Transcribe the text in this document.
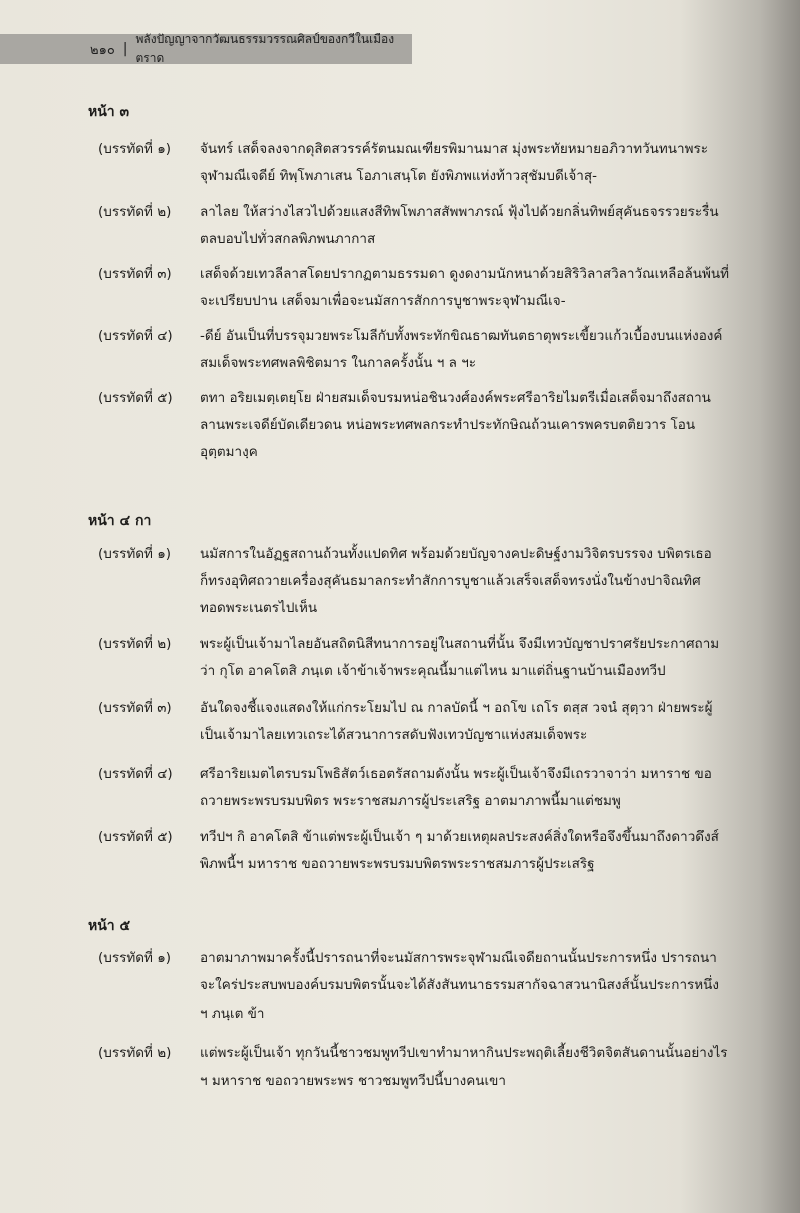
๒๑๐ |
พลังปัญญาจากวัฒนธรรมวรรณศิลป์ของกวีในเมืองตราด
หน้า ๓
(บรรทัดที่ ๑) จันทร์ เสด็จลงจากดุสิตสวรรค์รัตนมณเฑียรพิมานมาส มุ่งพระทัยหมายอภิวาทวันทนาพระ
จุฬามณีเจดีย์ ทิพฺโพภาเสน โอภาเสนฺโต ยังพิภพแห่งท้าวสุชัมบดีเจ้าสุ-
(บรรทัดที่ ๒) ลาไลย ให้สว่างไสวไปด้วยแสงสีทิพโพภาสสัพพาภรณ์ ฟุ้งไปด้วยกลิ่นทิพย์สุคันธจรรวยระรื่น
ตลบอบไปทั่วสกลพิภพนภากาส
(บรรทัดที่ ๓) เสด็จด้วยเทวลีลาสโดยปรากฏตามธรรมดา ดูงดงามนักหนาด้วยสิริวิลาสวิลาวัณเหลือล้นพ้นที่
จะเปรียบปาน เสด็จมาเพื่อจะนมัสการสักการบูชาพระจุฬามณีเจ-
(บรรทัดที่ ๔) -ดีย์ อันเป็นที่บรรจุมวยพระโมลีกับทั้งพระทักขิณธาฒทันตธาตุพระเขี้ยวแก้วเบื้องบนแห่งองค์
สมเด็จพระทศพลพิชิตมาร ในกาลครั้งนั้น ฯ ล ฯะ
(บรรทัดที่ ๕) ตทา อริยเมตฺเตยฺโย ฝ่ายสมเด็จบรมหน่อชินวงศ์องค์พระศรีอาริยไมตรีเมื่อเสด็จมาถึงสถาน
ลานพระเจดีย์บัดเดียวดน หน่อพระทศพลกระทำประทักษิณถ้วนเคารพครบตติยวาร โอน
อุตฺตมางฺค
หน้า ๔ กา
(บรรทัดที่ ๑) นมัสการในอัฏฐสถานถ้วนทั้งแปดทิศ พร้อมด้วยบัญจางคปะดิษฐ์งามวิจิตรบรรจง บพิตรเธอ
ก็ทรงอุทิศถวายเครื่องสุคันธมาลกระทำสักการบูชาแล้วเสร็จเสด็จทรงนั่งในข้างปาจิณทิศ
ทอดพระเนตรไปเห็น
(บรรทัดที่ ๒) พระผู้เป็นเจ้ามาไลยอันสถิตนิสีทนาการอยู่ในสถานที่นั้น จึงมีเทวบัญชาปราศรัยประกาศถาม
ว่า กุโต อาคโตสิ ภนฺเต เจ้าข้าเจ้าพระคุณนี้มาแต่ไหน มาแต่ถิ่นฐานบ้านเมืองทวีป
(บรรทัดที่ ๓) อันใดจงชี้แจงแสดงให้แก่กระโยมไป ณ กาลบัดนี้ ฯ อถโข เถโร ตสฺส วจนํ สุตฺวา ฝ่ายพระผู้
เป็นเจ้ามาไลยเทวเถระได้สวนาการสดับฟังเทวบัญชาแห่งสมเด็จพระ
(บรรทัดที่ ๔) ศรีอาริยเมตไตรบรมโพธิสัตว์เธอตรัสถามดังนั้น พระผู้เป็นเจ้าจึงมีเถรวาจาว่า มหาราช ขอ
ถวายพระพรบรมบพิตร พระราชสมภารผู้ประเสริฐ อาตมาภาพนี้มาแต่ชมพู
(บรรทัดที่ ๕) ทวีปฯ กิ อาคโตสิ ข้าแต่พระผู้เป็นเจ้า ๆ มาด้วยเหตุผลประสงค์สิ่งใดหรือจึงขึ้นมาถึงดาวดึงส์
พิภพนี้ฯ มหาราช ขอถวายพระพรบรมบพิตรพระราชสมภารผู้ประเสริฐ
หน้า ๕
(บรรทัดที่ ๑) อาตมาภาพมาครั้งนี้ปรารถนาที่จะนมัสการพระจุฬามณีเจดียถานนั้นประการหนึ่ง ปรารถนา
จะใคร่ประสบพบองค์บรมบพิตรนั้นจะได้สังสันทนาธรรมสากัจฉาสวนานิสงส์นั้นประการหนึ่ง
ฯ ภนฺเต ข้า
(บรรทัดที่ ๒) แต่พระผู้เป็นเจ้า ทุกวันนี้ชาวชมพูทวีปเขาทำมาหากินประพฤติเลี้ยงชีวิตจิตสันดานนั้นอย่างไร
ฯ มหาราช ขอถวายพระพร ชาวชมพูทวีปนี้บางคนเขา
